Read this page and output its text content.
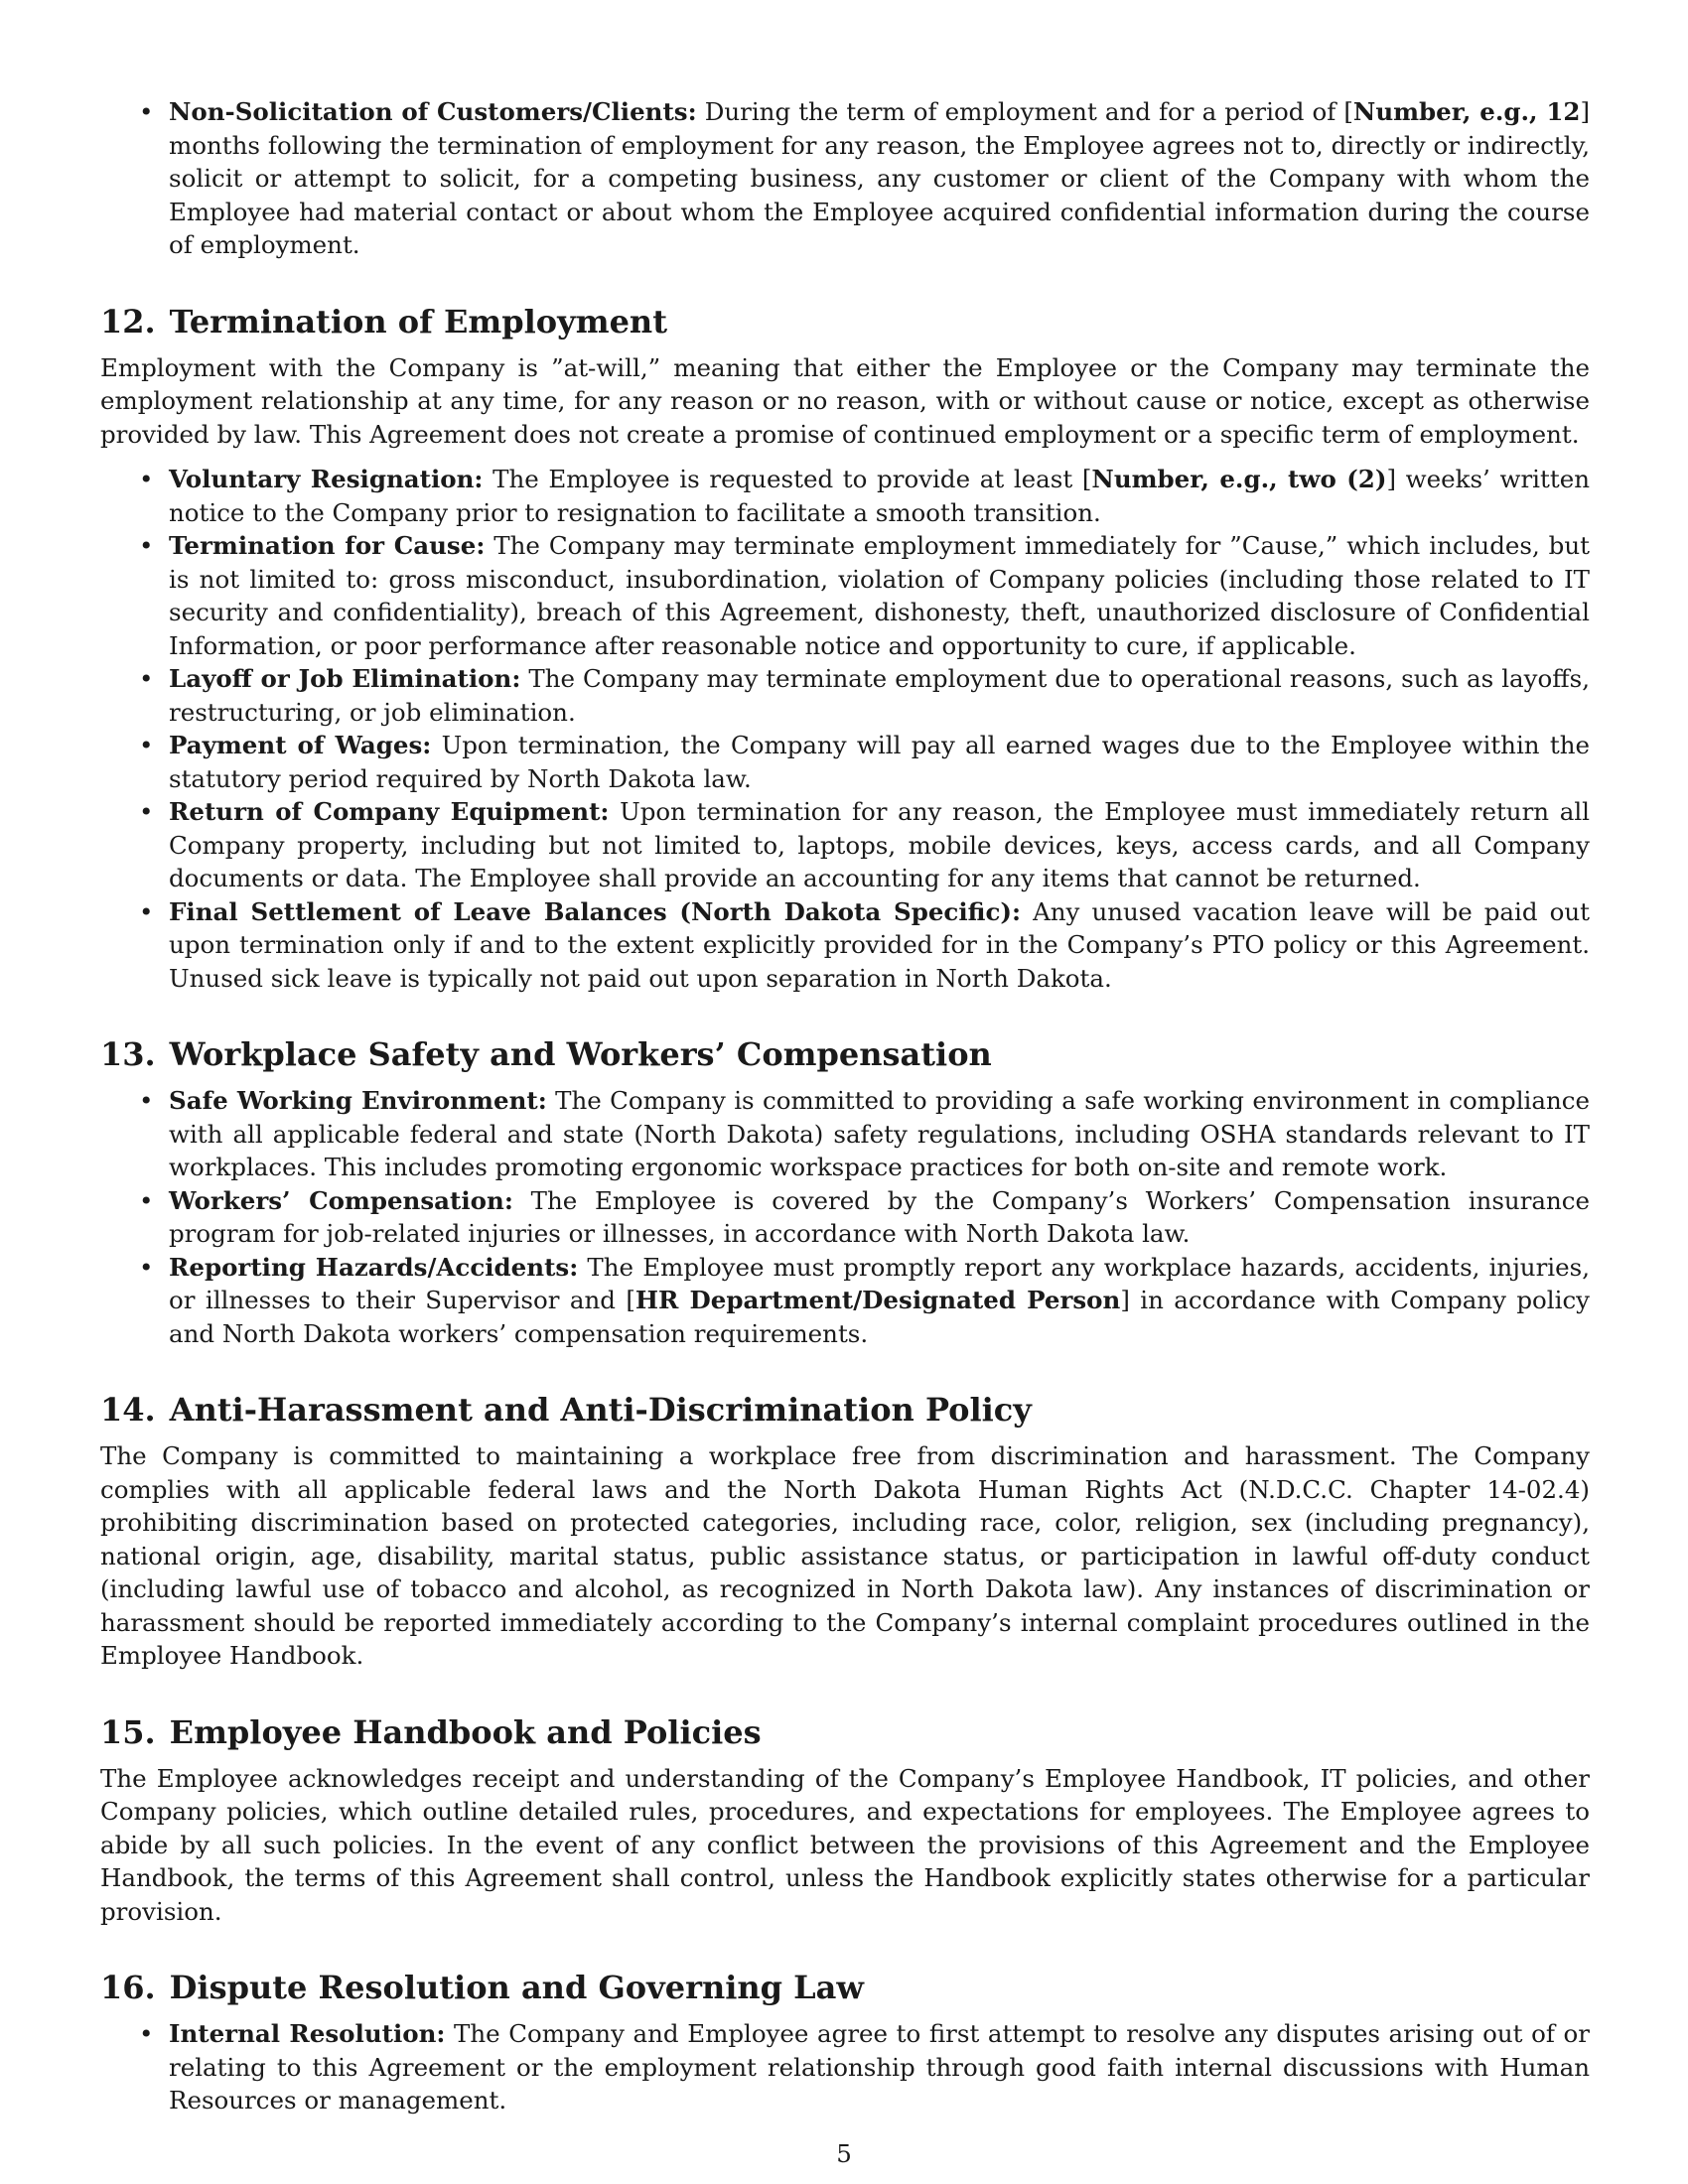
• Non-Solicitation of Customers/Clients: During the term of employment and for a period of [Number, e.g., 12] months following the termination of employment for any reason, the Employee agrees not to, directly or indirectly, solicit or attempt to solicit, for a competing business, any customer or client of the Company with whom the Employee had material contact or about whom the Employee acquired confidential information during the course of employment.
12. Termination of Employment

Employment with the Company is ”at-will,” meaning that either the Employee or the Company may terminate the employment relationship at any time, for any reason or no reason, with or without cause or notice, except as otherwise provided by law. This Agreement does not create a promise of continued employment or a specific term of employment.

• Voluntary Resignation: The Employee is requested to provide at least [Number, e.g., two (2)] weeks’ written notice to the Company prior to resignation to facilitate a smooth transition.
• Termination for Cause: The Company may terminate employment immediately for ”Cause,” which includes, but is not limited to: gross misconduct, insubordination, violation of Company policies (including those related to IT security and confidentiality), breach of this Agreement, dishonesty, theft, unauthorized disclosure of Confidential Information, or poor performance after reasonable notice and opportunity to cure, if applicable.
• Layoff or Job Elimination: The Company may terminate employment due to operational reasons, such as layoffs, restructuring, or job elimination.
• Payment of Wages: Upon termination, the Company will pay all earned wages due to the Employee within the statutory period required by North Dakota law.
• Return of Company Equipment: Upon termination for any reason, the Employee must immediately return all Company property, including but not limited to, laptops, mobile devices, keys, access cards, and all Company documents or data. The Employee shall provide an accounting for any items that cannot be returned.
• Final Settlement of Leave Balances (North Dakota Specific): Any unused vacation leave will be paid out upon termination only if and to the extent explicitly provided for in the Company’s PTO policy or this Agreement. Unused sick leave is typically not paid out upon separation in North Dakota.
13. Workplace Safety and Workers’ Compensation
• Safe Working Environment: The Company is committed to providing a safe working environment in compliance with all applicable federal and state (North Dakota) safety regulations, including OSHA standards relevant to IT workplaces. This includes promoting ergonomic workspace practices for both on-site and remote work.
• Workers’ Compensation: The Employee is covered by the Company’s Workers’ Compensation insurance program for job-related injuries or illnesses, in accordance with North Dakota law.
• Reporting Hazards/Accidents: The Employee must promptly report any workplace hazards, accidents, injuries, or illnesses to their Supervisor and [HR Department/Designated Person] in accordance with Company policy and North Dakota workers’ compensation requirements.
14. Anti-Harassment and Anti-Discrimination Policy

The Company is committed to maintaining a workplace free from discrimination and harassment. The Company complies with all applicable federal laws and the North Dakota Human Rights Act (N.D.C.C. Chapter 14-02.4) prohibiting discrimination based on protected categories, including race, color, religion, sex (including pregnancy), national origin, age, disability, marital status, public assistance status, or participation in lawful off-duty conduct (including lawful use of tobacco and alcohol, as recognized in North Dakota law). Any instances of discrimination or harassment should be reported immediately according to the Company’s internal complaint procedures outlined in the Employee Handbook.

15. Employee Handbook and Policies

The Employee acknowledges receipt and understanding of the Company’s Employee Handbook, IT policies, and other Company policies, which outline detailed rules, procedures, and expectations for employees. The Employee agrees to abide by all such policies. In the event of any conflict between the provisions of this Agreement and the Employee Handbook, the terms of this Agreement shall control, unless the Handbook explicitly states otherwise for a particular provision.

16. Dispute Resolution and Governing Law
• Internal Resolution: The Company and Employee agree to first attempt to resolve any disputes arising out of or relating to this Agreement or the employment relationship through good faith internal discussions with Human Resources or management.
5
